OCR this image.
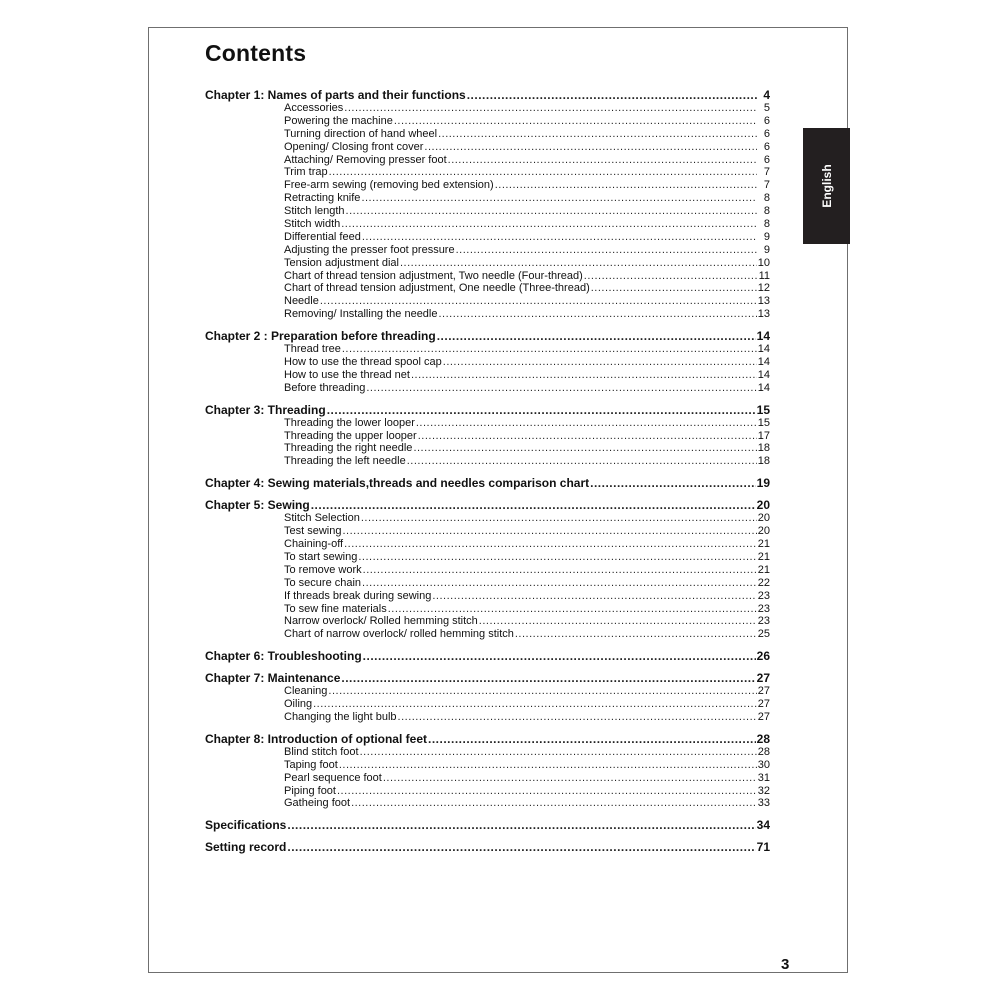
Contents
Chapter 1: Names of parts and their functions .....	4
Accessories .....	5
Powering the machine .....	6
Turning direction of hand wheel .....	6
Opening/ Closing front cover .....	6
Attaching/ Removing presser foot .....	6
Trim trap .....	7
Free-arm sewing (removing bed extension) .....	7
Retracting knife .....	8
Stitch length .....	8
Stitch width .....	8
Differential feed .....	9
Adjusting the presser foot pressure .....	9
Tension adjustment dial .....	10
Chart of thread tension adjustment, Two needle (Four-thread) .....	11
Chart of thread tension adjustment, One needle (Three-thread) .....	12
Needle .....	13
Removing/ Installing the needle .....	13
Chapter 2 : Preparation before threading .....	14
Thread tree .....	14
How to use the thread spool cap .....	14
How to use the thread net .....	14
Before threading .....	14
Chapter 3: Threading .....	15
Threading the lower looper .....	15
Threading the upper looper .....	17
Threading the right needle .....	18
Threading the left needle .....	18
Chapter 4: Sewing materials,threads and needles comparison chart .....	19
Chapter 5: Sewing .....	20
Stitch Selection .....	20
Test sewing .....	20
Chaining-off .....	21
To start sewing .....	21
To remove work .....	21
To secure chain .....	22
If threads break during sewing .....	23
To sew fine materials .....	23
Narrow overlock/ Rolled hemming stitch .....	23
Chart of narrow overlock/ rolled hemming stitch .....	25
Chapter 6: Troubleshooting .....	26
Chapter 7: Maintenance .....	27
Cleaning .....	27
Oiling .....	27
Changing the light bulb .....	27
Chapter 8: Introduction of optional feet .....	28
Blind stitch foot .....	28
Taping foot .....	30
Pearl sequence foot .....	31
Piping foot .....	32
Gatheing foot .....	33
Specifications .....	34
Setting record .....	71
English
3
